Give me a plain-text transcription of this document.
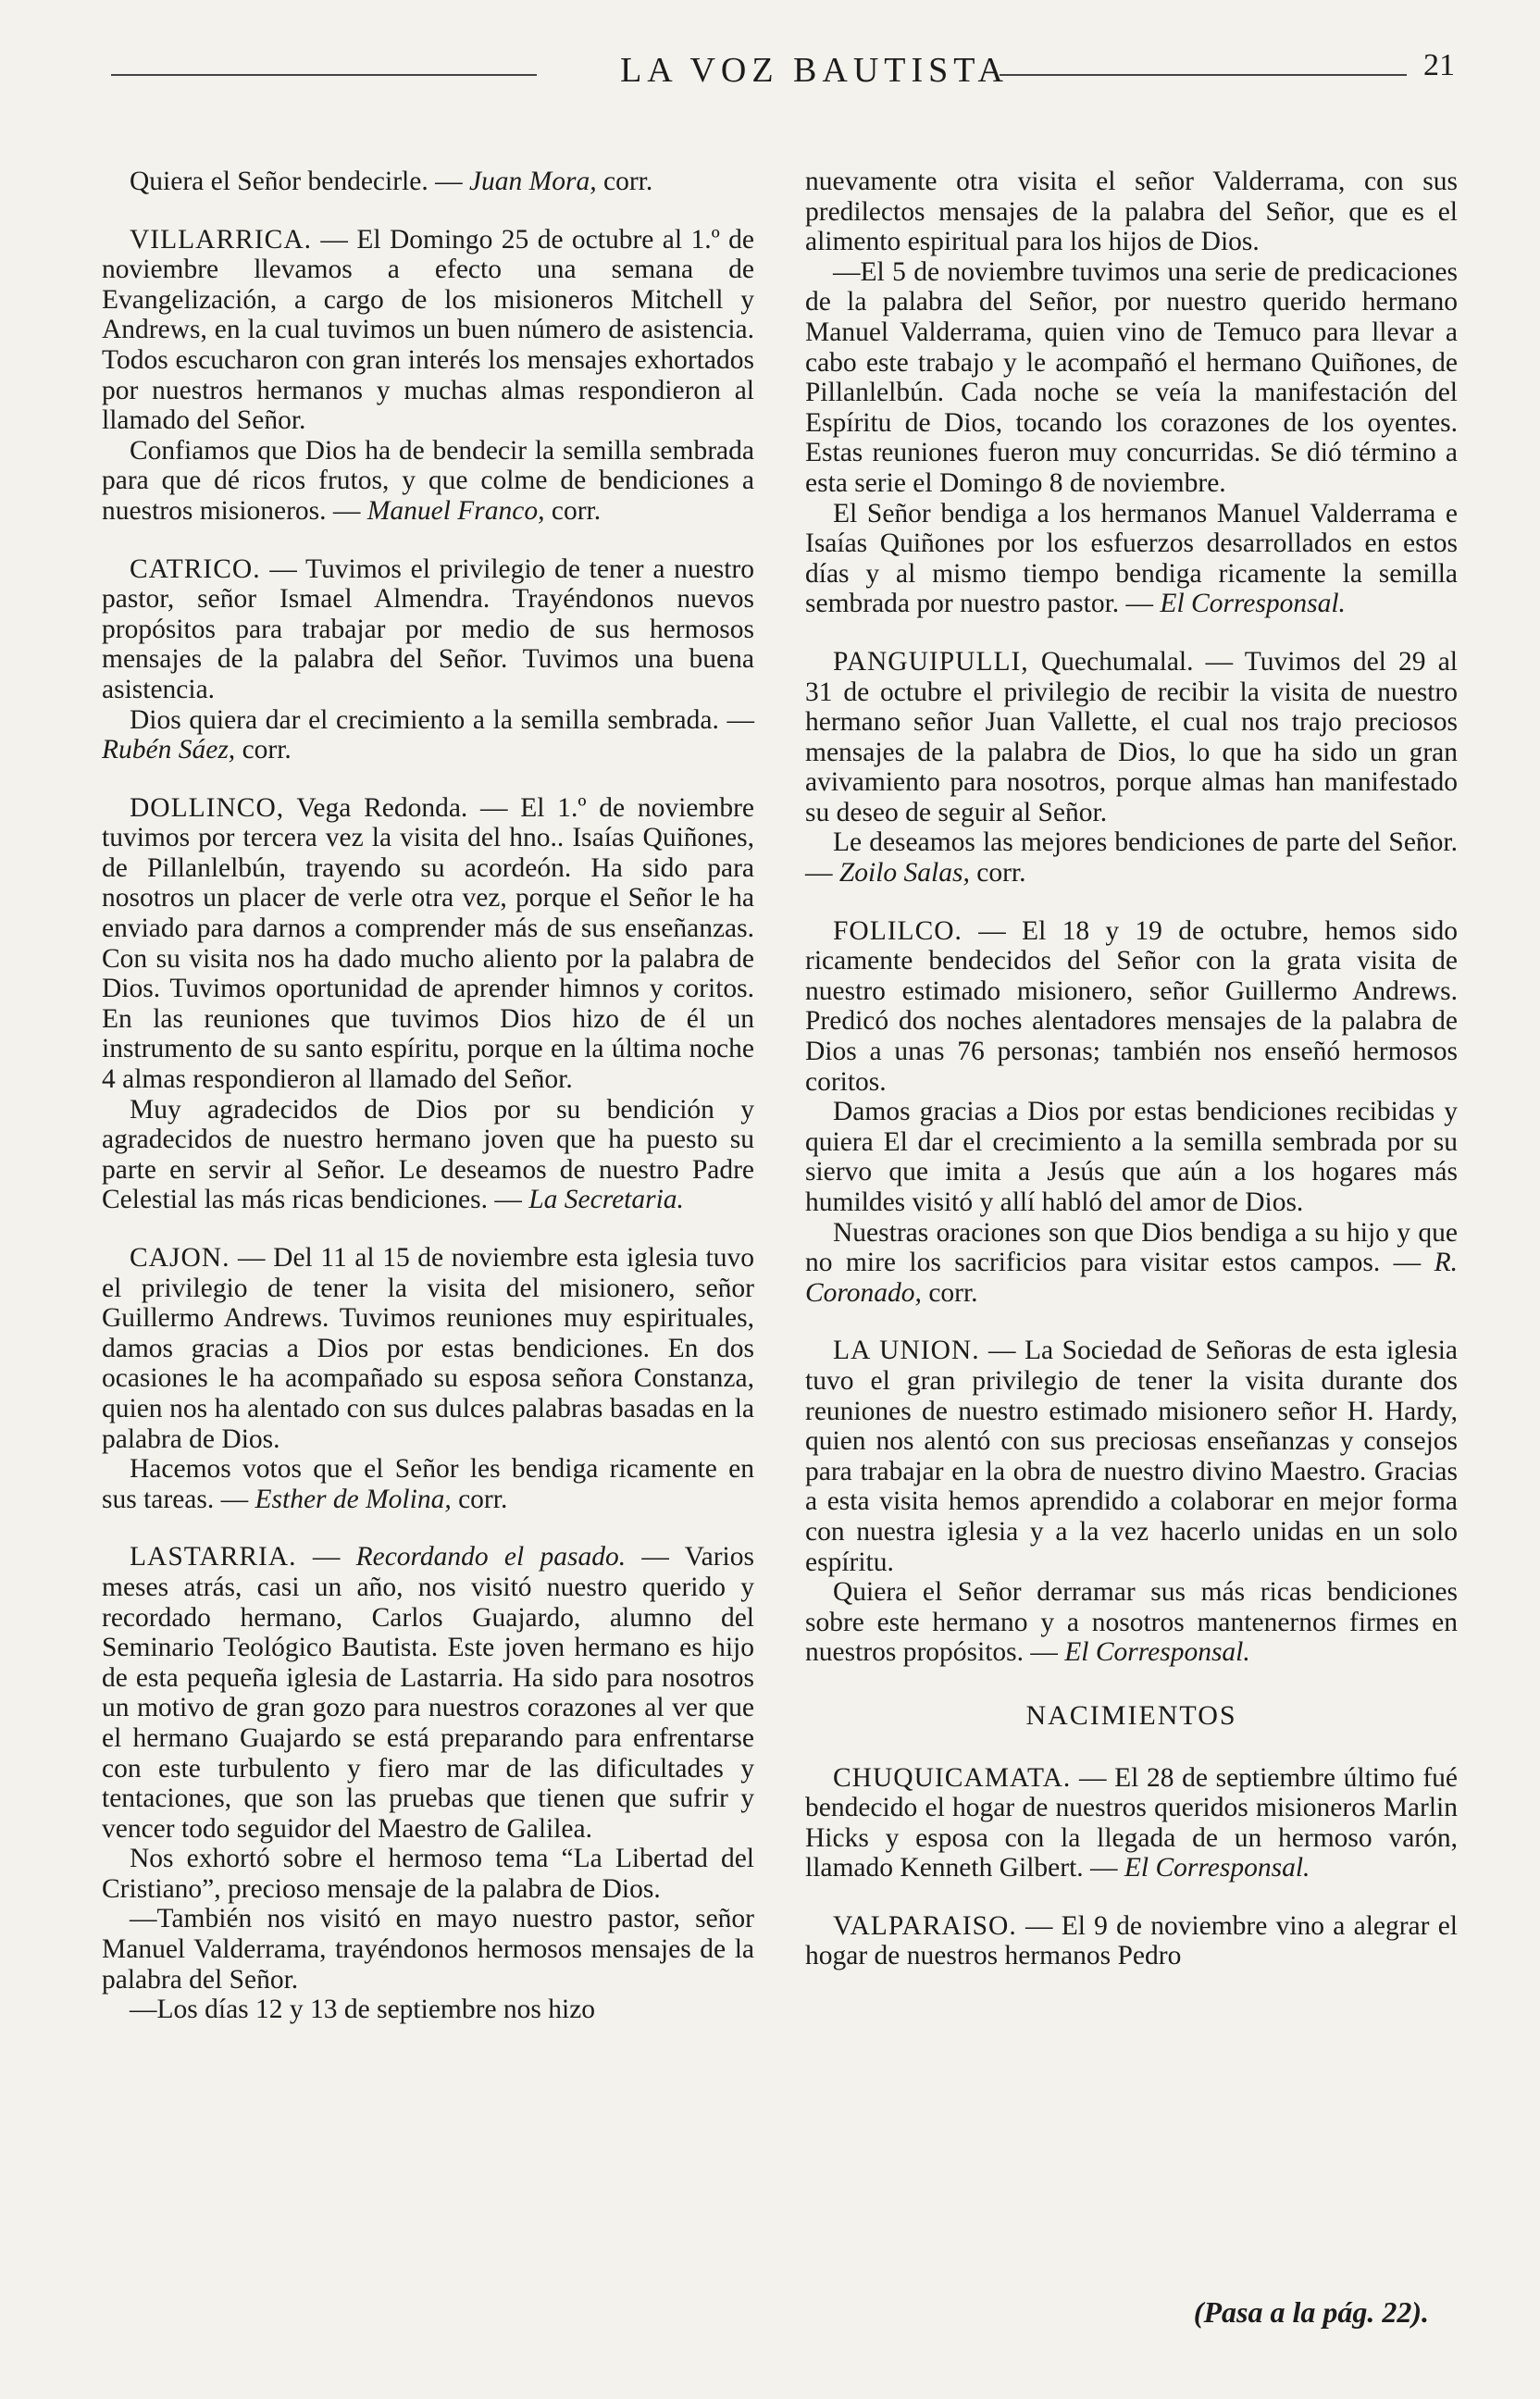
LA VOZ BAUTISTA	21

Quiera el Señor bendecirle. — Juan Mora, corr.

VILLARRICA. — El Domingo 25 de octubre al 1.º de noviembre llevamos a efecto una semana de Evangelización, a cargo de los misioneros Mitchell y Andrews, en la cual tuvimos un buen número de asistencia. Todos escucharon con gran interés los mensajes exhortados por nuestros hermanos y muchas almas respondieron al llamado del Señor.

Confiamos que Dios ha de bendecir la semilla sembrada para que dé ricos frutos, y que colme de bendiciones a nuestros misioneros. — Manuel Franco, corr.

CATRICO. — Tuvimos el privilegio de tener a nuestro pastor, señor Ismael Almendra. Trayéndonos nuevos propósitos para trabajar por medio de sus hermosos mensajes de la palabra del Señor. Tuvimos una buena asistencia.

Dios quiera dar el crecimiento a la semilla sembrada. — Rubén Sáez, corr.

DOLLINCO, Vega Redonda. — El 1.º de noviembre tuvimos por tercera vez la visita del hno.. Isaías Quiñones, de Pillanlelbún, trayendo su acordeón. Ha sido para nosotros un placer de verle otra vez, porque el Señor le ha enviado para darnos a comprender más de sus enseñanzas. Con su visita nos ha dado mucho aliento por la palabra de Dios. Tuvimos oportunidad de aprender himnos y coritos. En las reuniones que tuvimos Dios hizo de él un instrumento de su santo espíritu, porque en la última noche 4 almas respondieron al llamado del Señor.

Muy agradecidos de Dios por su bendición y agradecidos de nuestro hermano joven que ha puesto su parte en servir al Señor. Le deseamos de nuestro Padre Celestial las más ricas bendiciones. — La Secretaria.

CAJON. — Del 11 al 15 de noviembre esta iglesia tuvo el privilegio de tener la visita del misionero, señor Guillermo Andrews. Tuvimos reuniones muy espirituales, damos gracias a Dios por estas bendiciones. En dos ocasiones le ha acompañado su esposa señora Constanza, quien nos ha alentado con sus dulces palabras basadas en la palabra de Dios.

Hacemos votos que el Señor les bendiga ricamente en sus tareas. — Esther de Molina, corr.

LASTARRIA. — Recordando el pasado. — Varios meses atrás, casi un año, nos visitó nuestro querido y recordado hermano, Carlos Guajardo, alumno del Seminario Teológico Bautista. Este joven hermano es hijo de esta pequeña iglesia de Lastarria. Ha sido para nosotros un motivo de gran gozo para nuestros corazones al ver que el hermano Guajardo se está preparando para enfrentarse con este turbulento y fiero mar de las dificultades y tentaciones, que son las pruebas que tienen que sufrir y vencer todo seguidor del Maestro de Galilea.

Nos exhortó sobre el hermoso tema “La Libertad del Cristiano”, precioso mensaje de la palabra de Dios.

—También nos visitó en mayo nuestro pastor, señor Manuel Valderrama, trayéndonos hermosos mensajes de la palabra del Señor.

—Los días 12 y 13 de septiembre nos hizo

nuevamente otra visita el señor Valderrama, con sus predilectos mensajes de la palabra del Señor, que es el alimento espiritual para los hijos de Dios.

—El 5 de noviembre tuvimos una serie de predicaciones de la palabra del Señor, por nuestro querido hermano Manuel Valderrama, quien vino de Temuco para llevar a cabo este trabajo y le acompañó el hermano Quiñones, de Pillanlelbún. Cada noche se veía la manifestación del Espíritu de Dios, tocando los corazones de los oyentes. Estas reuniones fueron muy concurridas. Se dió término a esta serie el Domingo 8 de noviembre.

El Señor bendiga a los hermanos Manuel Valderrama e Isaías Quiñones por los esfuerzos desarrollados en estos días y al mismo tiempo bendiga ricamente la semilla sembrada por nuestro pastor. — El Corresponsal.

PANGUIPULLI, Quechumalal. — Tuvimos del 29 al 31 de octubre el privilegio de recibir la visita de nuestro hermano señor Juan Vallette, el cual nos trajo preciosos mensajes de la palabra de Dios, lo que ha sido un gran avivamiento para nosotros, porque almas han manifestado su deseo de seguir al Señor.

Le deseamos las mejores bendiciones de parte del Señor. — Zoilo Salas, corr.

FOLILCO. — El 18 y 19 de octubre, hemos sido ricamente bendecidos del Señor con la grata visita de nuestro estimado misionero, señor Guillermo Andrews. Predicó dos noches alentadores mensajes de la palabra de Dios a unas 76 personas; también nos enseñó hermosos coritos.

Damos gracias a Dios por estas bendiciones recibidas y quiera El dar el crecimiento a la semilla sembrada por su siervo que imita a Jesús que aún a los hogares más humildes visitó y allí habló del amor de Dios.

Nuestras oraciones son que Dios bendiga a su hijo y que no mire los sacrificios para visitar estos campos. — R. Coronado, corr.

LA UNION. — La Sociedad de Señoras de esta iglesia tuvo el gran privilegio de tener la visita durante dos reuniones de nuestro estimado misionero señor H. Hardy, quien nos alentó con sus preciosas enseñanzas y consejos para trabajar en la obra de nuestro divino Maestro. Gracias a esta visita hemos aprendido a colaborar en mejor forma con nuestra iglesia y a la vez hacerlo unidas en un solo espíritu.

Quiera el Señor derramar sus más ricas bendiciones sobre este hermano y a nosotros mantenernos firmes en nuestros propósitos. — El Corresponsal.

NACIMIENTOS

CHUQUICAMATA. — El 28 de septiembre último fué bendecido el hogar de nuestros queridos misioneros Marlin Hicks y esposa con la llegada de un hermoso varón, llamado Kenneth Gilbert. — El Corresponsal.

VALPARAISO. — El 9 de noviembre vino a alegrar el hogar de nuestros hermanos Pedro

(Pasa a la pág. 22).
